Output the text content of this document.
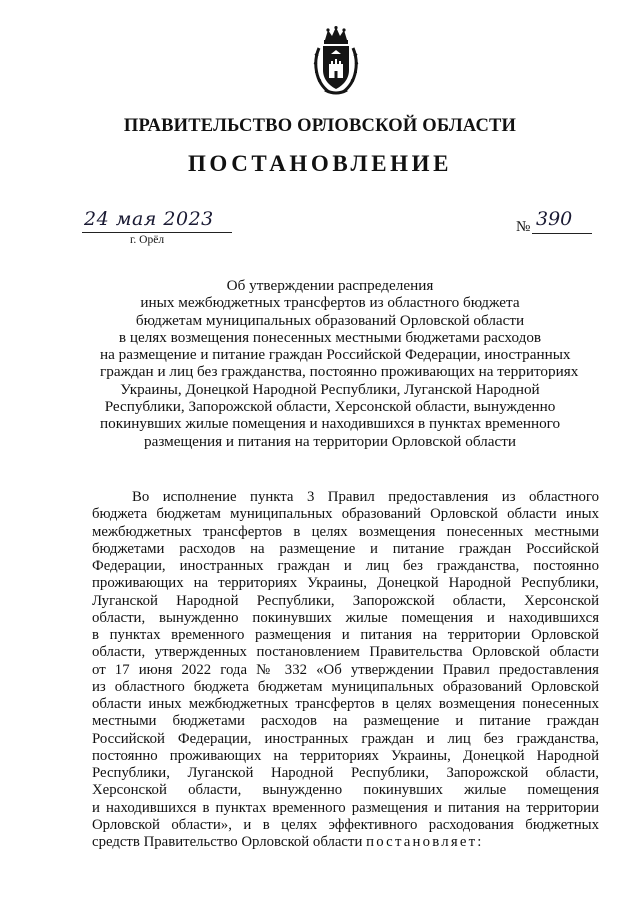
ПРАВИТЕЛЬСТВО ОРЛОВСКОЙ ОБЛАСТИ
ПОСТАНОВЛЕНИЕ
24 мая 2023
г. Орёл
№ 390
Об утверждении распределения
иных межбюджетных трансфертов из областного бюджета
бюджетам муниципальных образований Орловской области
в целях возмещения понесенных местными бюджетами расходов
на размещение и питание граждан Российской Федерации, иностранных
граждан и лиц без гражданства, постоянно проживающих на территориях
Украины, Донецкой Народной Республики, Луганской Народной
Республики, Запорожской области, Херсонской области, вынужденно
покинувших жилые помещения и находившихся в пунктах временного
размещения и питания на территории Орловской области
Во исполнение пункта 3 Правил предоставления из областного
бюджета бюджетам муниципальных образований Орловской области иных
межбюджетных трансфертов в целях возмещения понесенных местными
бюджетами расходов на размещение и питание граждан Российской
Федерации, иностранных граждан и лиц без гражданства, постоянно
проживающих на территориях Украины, Донецкой Народной Республики,
Луганской Народной Республики, Запорожской области, Херсонской
области, вынужденно покинувших жилые помещения и находившихся
в пунктах временного размещения и питания на территории Орловской
области, утвержденных постановлением Правительства Орловской области
от 17 июня 2022 года № 332 «Об утверждении Правил предоставления
из областного бюджета бюджетам муниципальных образований Орловской
области иных межбюджетных трансфертов в целях возмещения понесенных
местными бюджетами расходов на размещение и питание граждан
Российской Федерации, иностранных граждан и лиц без гражданства,
постоянно проживающих на территориях Украины, Донецкой Народной
Республики, Луганской Народной Республики, Запорожской области,
Херсонской области, вынужденно покинувших жилые помещения
и находившихся в пунктах временного размещения и питания на территории
Орловской области», и в целях эффективного расходования бюджетных
средств Правительство Орловской области постановляет:
